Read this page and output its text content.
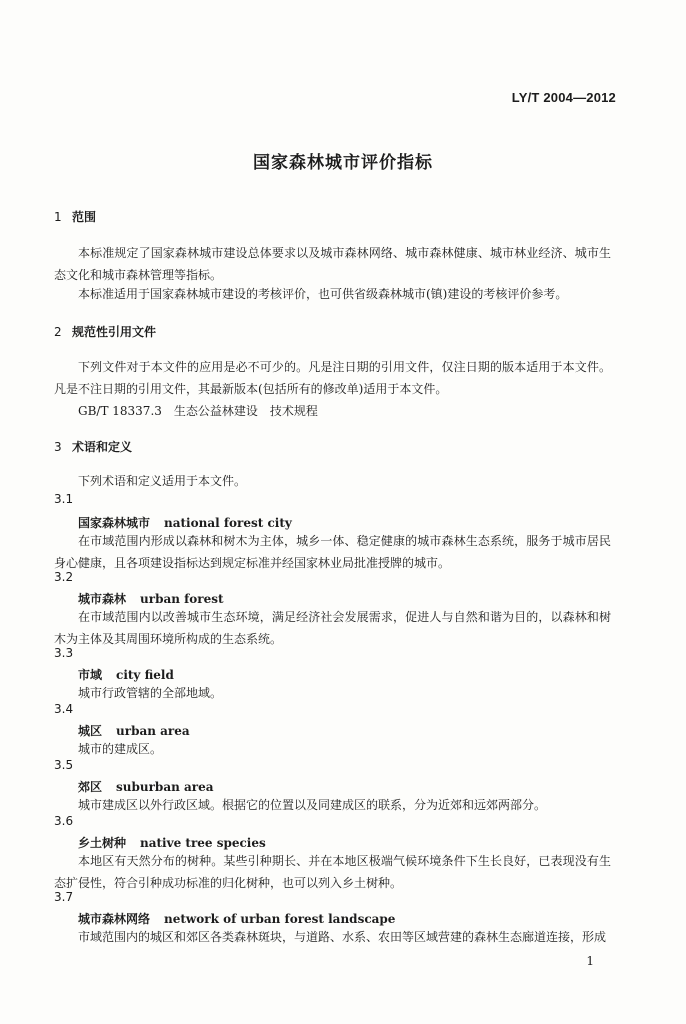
LY/T 2004—2012
国家森林城市评价指标
1 范围
本标准规定了国家森林城市建设总体要求以及城市森林网络、城市森林健康、城市林业经济、城市生态文化和城市森林管理等指标。
本标准适用于国家森林城市建设的考核评价，也可供省级森林城市(镇)建设的考核评价参考。
2 规范性引用文件
下列文件对于本文件的应用是必不可少的。凡是注日期的引用文件，仅注日期的版本适用于本文件。凡是不注日期的引用文件，其最新版本(包括所有的修改单)适用于本文件。
GB/T 18337.3　生态公益林建设　技术规程
3 术语和定义
下列术语和定义适用于本文件。
3.1
国家森林城市 national forest city
在市域范围内形成以森林和树木为主体，城乡一体、稳定健康的城市森林生态系统，服务于城市居民身心健康，且各项建设指标达到规定标准并经国家林业局批准授牌的城市。
3.2
城市森林 urban forest
在市域范围内以改善城市生态环境，满足经济社会发展需求，促进人与自然和谐为目的，以森林和树木为主体及其周围环境所构成的生态系统。
3.3
市域 city field
城市行政管辖的全部地域。
3.4
城区 urban area
城市的建成区。
3.5
郊区 suburban area
城市建成区以外行政区域。根据它的位置以及同建成区的联系，分为近郊和远郊两部分。
3.6
乡土树种 native tree species
本地区有天然分布的树种。某些引种期长、并在本地区极端气候环境条件下生长良好，已表现没有生态扩侵性，符合引种成功标准的归化树种，也可以列入乡土树种。
3.7
城市森林网络 network of urban forest landscape
市域范围内的城区和郊区各类森林斑块，与道路、水系、农田等区域营建的森林生态廊道连接，形成
1
